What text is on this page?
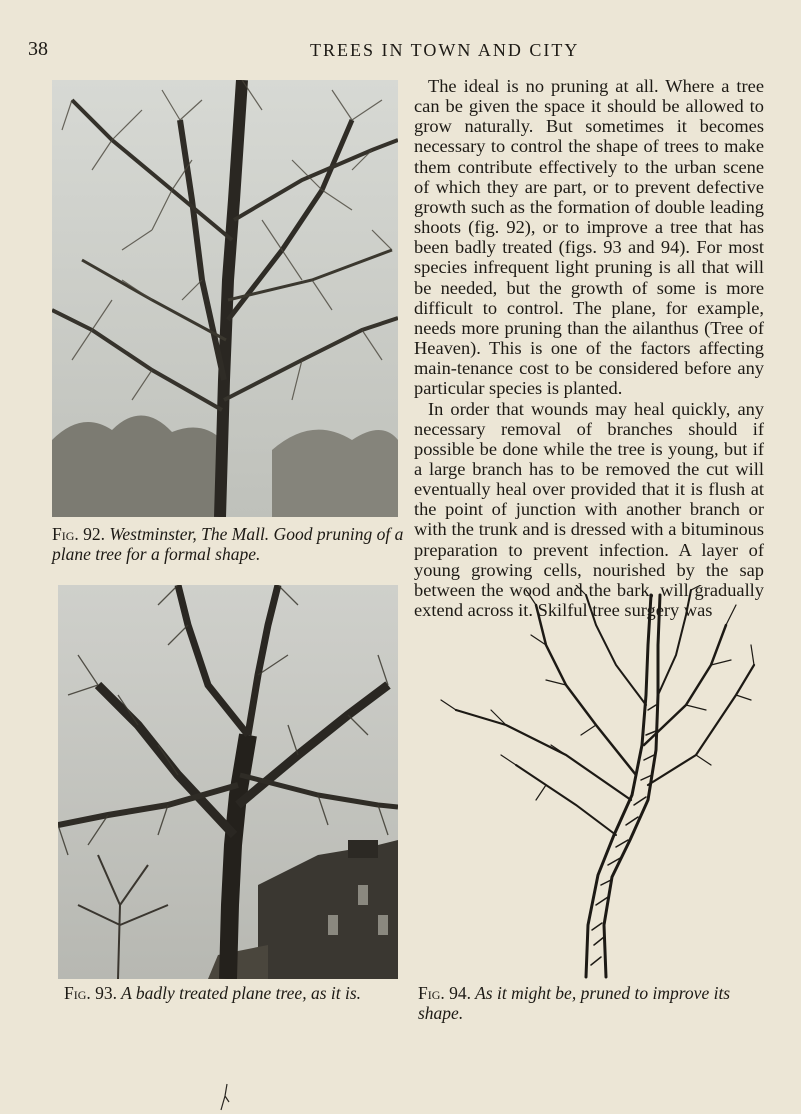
38	TREES IN TOWN AND CITY
Fig. 92. Westminster, The Mall. Good pruning of a plane tree for a formal shape.

The ideal is no pruning at all. Where a tree can be given the space it should be allowed to grow naturally. But sometimes it becomes necessary to control the shape of trees to make them contribute effectively to the urban scene of which they are part, or to prevent defective growth such as the formation of double leading shoots (fig. 92), or to improve a tree that has been badly treated (figs. 93 and 94). For most species infrequent light pruning is all that will be needed, but the growth of some is more difficult to control. The plane, for example, needs more pruning than the ailanthus (Tree of Heaven). This is one of the factors affecting main-tenance cost to be considered before any particular species is planted.

In order that wounds may heal quickly, any necessary removal of branches should if possible be done while the tree is young, but if a large branch has to be removed the cut will eventually heal over provided that it is flush at the point of junction with another branch or with the trunk and is dressed with a bituminous preparation to prevent infection. A layer of young growing cells, nourished by the sap between the wood and the bark, will gradually extend across it. Skilful tree surgery was

Fig. 93. A badly treated plane tree, as it is.	Fig. 94. As it might be, pruned to improve its shape.
